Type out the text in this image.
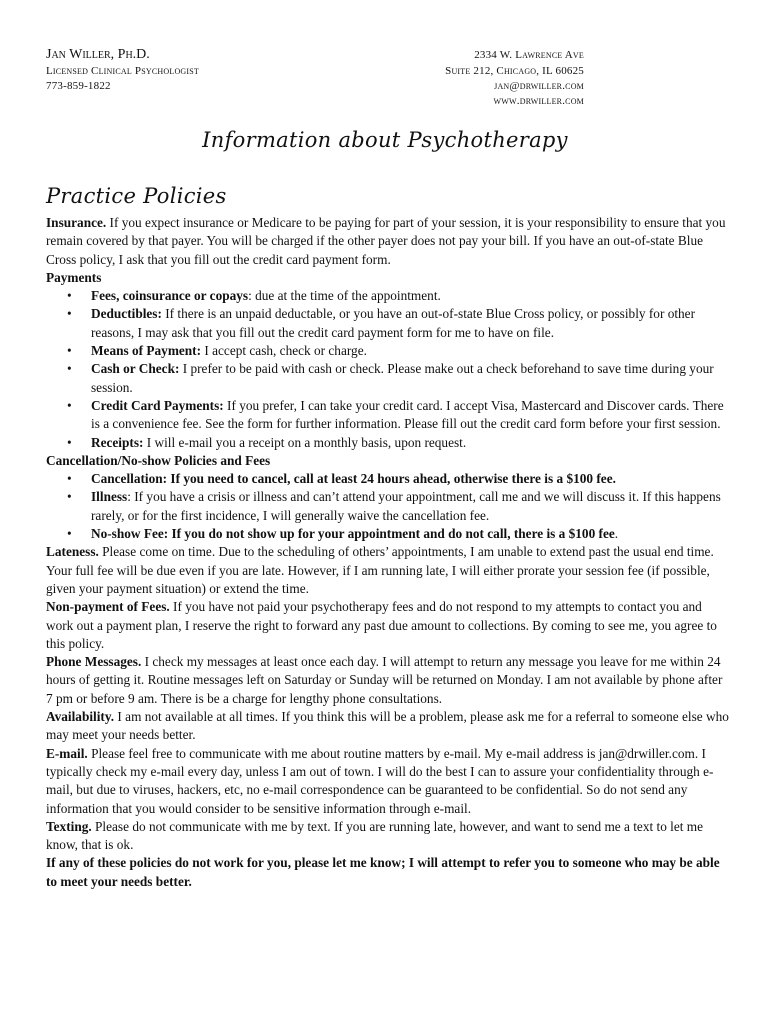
Jan Willer, Ph.D.
Licensed Clinical Psychologist
773-859-1822
2334 W. Lawrence Ave
Suite 212, Chicago, IL 60625
jan@drwiller.com
www.drwiller.com
Information about Psychotherapy
Practice Policies

Insurance. If you expect insurance or Medicare to be paying for part of your session, it is your responsibility to ensure that you remain covered by that payer. You will be charged if the other payer does not pay your bill. If you have an out-of-state Blue Cross policy, I ask that you fill out the credit card payment form.

Payments
• Fees, coinsurance or copays: due at the time of the appointment.
• Deductibles: If there is an unpaid deductable, or you have an out-of-state Blue Cross policy, or possibly for other reasons, I may ask that you fill out the credit card payment form for me to have on file.
• Means of Payment: I accept cash, check or charge.
• Cash or Check: I prefer to be paid with cash or check. Please make out a check beforehand to save time during your session.
• Credit Card Payments: If you prefer, I can take your credit card. I accept Visa, Mastercard and Discover cards. There is a convenience fee. See the form for further information. Please fill out the credit card form before your first session.
• Receipts: I will e-mail you a receipt on a monthly basis, upon request.
Cancellation/No-show Policies and Fees
• Cancellation: If you need to cancel, call at least 24 hours ahead, otherwise there is a $100 fee.
• Illness: If you have a crisis or illness and can’t attend your appointment, call me and we will discuss it. If this happens rarely, or for the first incidence, I will generally waive the cancellation fee.
• No-show Fee: If you do not show up for your appointment and do not call, there is a $100 fee.

Lateness. Please come on time. Due to the scheduling of others’ appointments, I am unable to extend past the usual end time. Your full fee will be due even if you are late. However, if I am running late, I will either prorate your session fee (if possible, given your payment situation) or extend the time.

Non-payment of Fees. If you have not paid your psychotherapy fees and do not respond to my attempts to contact you and work out a payment plan, I reserve the right to forward any past due amount to collections. By coming to see me, you agree to this policy.

Phone Messages. I check my messages at least once each day. I will attempt to return any message you leave for me within 24 hours of getting it. Routine messages left on Saturday or Sunday will be returned on Monday. I am not available by phone after 7 pm or before 9 am. There is be a charge for lengthy phone consultations.

Availability. I am not available at all times. If you think this will be a problem, please ask me for a referral to someone else who may meet your needs better.

E-mail. Please feel free to communicate with me about routine matters by e-mail. My e-mail address is jan@drwiller.com. I typically check my e-mail every day, unless I am out of town. I will do the best I can to assure your confidentiality through e-mail, but due to viruses, hackers, etc, no e-mail correspondence can be guaranteed to be confidential. So do not send any information that you would consider to be sensitive information through e-mail.

Texting. Please do not communicate with me by text. If you are running late, however, and want to send me a text to let me know, that is ok.

If any of these policies do not work for you, please let me know; I will attempt to refer you to someone who may be able to meet your needs better.
